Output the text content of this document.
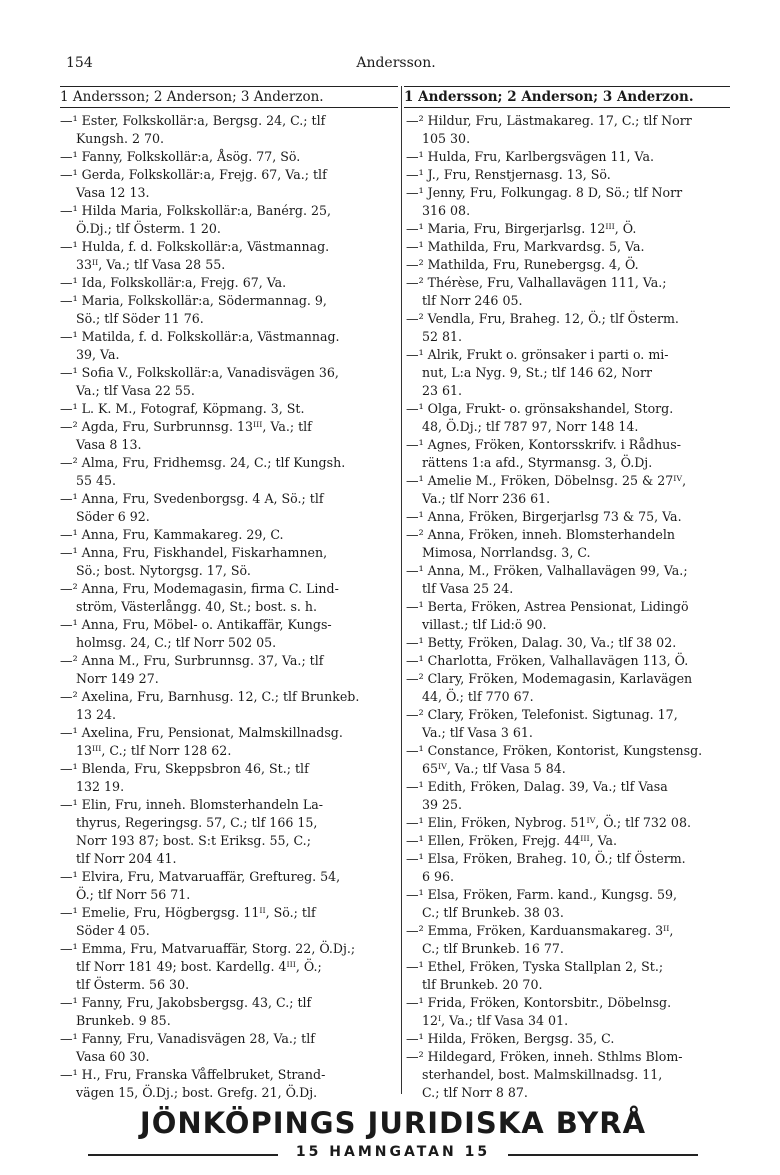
154	Andersson.
1 Andersson; 2 Anderson; 3 Anderzon.	1 Andersson; 2 Anderson; 3 Anderzon.
—¹ Ester, Folkskollär:a, Bergsg. 24, C.; tlf
Kungsh. 2 70.
—¹ Fanny, Folkskollär:a, Åsög. 77, Sö.
—¹ Gerda, Folkskollär:a, Frejg. 67, Va.; tlf
Vasa 12 13.
—¹ Hilda Maria, Folkskollär:a, Banérg. 25,
Ö.Dj.; tlf Österm. 1 20.
—¹ Hulda, f. d. Folkskollär:a, Västmannag.
33ᴵᴵ, Va.; tlf Vasa 28 55.
—¹ Ida, Folkskollär:a, Frejg. 67, Va.
—¹ Maria, Folkskollär:a, Södermannag. 9,
Sö.; tlf Söder 11 76.
—¹ Matilda, f. d. Folkskollär:a, Västmannag.
39, Va.
—¹ Sofia V., Folkskollär:a, Vanadisvägen 36,
Va.; tlf Vasa 22 55.
—¹ L. K. M., Fotograf, Köpmang. 3, St.
—² Agda, Fru, Surbrunnsg. 13ᴵᴵᴵ, Va.; tlf
Vasa 8 13.
—² Alma, Fru, Fridhemsg. 24, C.; tlf Kungsh.
55 45.
—¹ Anna, Fru, Svedenborgsg. 4 A, Sö.; tlf
Söder 6 92.
—¹ Anna, Fru, Kammakareg. 29, C.
—¹ Anna, Fru, Fiskhandel, Fiskarhamnen,
Sö.; bost. Nytorgsg. 17, Sö.
—² Anna, Fru, Modemagasin, firma C. Lind-
ström, Västerlångg. 40, St.; bost. s. h.
—¹ Anna, Fru, Möbel- o. Antikaffär, Kungs-
holmsg. 24, C.; tlf Norr 502 05.
—² Anna M., Fru, Surbrunnsg. 37, Va.; tlf
Norr 149 27.
—² Axelina, Fru, Barnhusg. 12, C.; tlf Brunkeb.
13 24.
—¹ Axelina, Fru, Pensionat, Malmskillnadsg.
13ᴵᴵᴵ, C.; tlf Norr 128 62.
—¹ Blenda, Fru, Skeppsbron 46, St.; tlf
132 19.
—¹ Elin, Fru, inneh. Blomsterhandeln La-
thyrus, Regeringsg. 57, C.; tlf 166 15,
Norr 193 87; bost. S:t Eriksg. 55, C.;
tlf Norr 204 41.
—¹ Elvira, Fru, Matvaruaffär, Greftureg. 54,
Ö.; tlf Norr 56 71.
—¹ Emelie, Fru, Högbergsg. 11ᴵᴵ, Sö.; tlf
Söder 4 05.
—¹ Emma, Fru, Matvaruaffär, Storg. 22, Ö.Dj.;
tlf Norr 181 49; bost. Kardellg. 4ᴵᴵᴵ, Ö.;
tlf Österm. 56 30.
—¹ Fanny, Fru, Jakobsbergsg. 43, C.; tlf
Brunkeb. 9 85.
—¹ Fanny, Fru, Vanadisvägen 28, Va.; tlf
Vasa 60 30.
—¹ H., Fru, Franska Våffelbruket, Strand-
vägen 15, Ö.Dj.; bost. Grefg. 21, Ö.Dj.
—² Hildur, Fru, Lästmakareg. 17, C.; tlf Norr
105 30.
—¹ Hulda, Fru, Karlbergsvägen 11, Va.
—¹ J., Fru, Renstjernasg. 13, Sö.
—¹ Jenny, Fru, Folkungag. 8 D, Sö.; tlf Norr
316 08.
—¹ Maria, Fru, Birgerjarlsg. 12ᴵᴵᴵ, Ö.
—¹ Mathilda, Fru, Markvardsg. 5, Va.
—² Mathilda, Fru, Runebergsg. 4, Ö.
—² Thérèse, Fru, Valhallavägen 111, Va.;
tlf Norr 246 05.
—² Vendla, Fru, Braheg. 12, Ö.; tlf Österm.
52 81.
—¹ Alrik, Frukt o. grönsaker i parti o. mi-
nut, L:a Nyg. 9, St.; tlf 146 62, Norr
23 61.
—¹ Olga, Frukt- o. grönsakshandel, Storg.
48, Ö.Dj.; tlf 787 97, Norr 148 14.
—¹ Agnes, Fröken, Kontorsskrifv. i Rådhus-
rättens 1:a afd., Styrmansg. 3, Ö.Dj.
—¹ Amelie M., Fröken, Döbelnsg. 25 & 27ᴵⱽ,
Va.; tlf Norr 236 61.
—¹ Anna, Fröken, Birgerjarlsg 73 & 75, Va.
—² Anna, Fröken, inneh. Blomsterhandeln
Mimosa, Norrlandsg. 3, C.
—¹ Anna, M., Fröken, Valhallavägen 99, Va.;
tlf Vasa 25 24.
—¹ Berta, Fröken, Astrea Pensionat, Lidingö
villast.; tlf Lid:ö 90.
—¹ Betty, Fröken, Dalag. 30, Va.; tlf 38 02.
—¹ Charlotta, Fröken, Valhallavägen 113, Ö.
—² Clary, Fröken, Modemagasin, Karlavägen
44, Ö.; tlf 770 67.
—² Clary, Fröken, Telefonist. Sigtunag. 17,
Va.; tlf Vasa 3 61.
—¹ Constance, Fröken, Kontorist, Kungstensg.
65ᴵⱽ, Va.; tlf Vasa 5 84.
—¹ Edith, Fröken, Dalag. 39, Va.; tlf Vasa
39 25.
—¹ Elin, Fröken, Nybrog. 51ᴵⱽ, Ö.; tlf 732 08.
—¹ Ellen, Fröken, Frejg. 44ᴵᴵᴵ, Va.
—¹ Elsa, Fröken, Braheg. 10, Ö.; tlf Österm.
6 96.
—¹ Elsa, Fröken, Farm. kand., Kungsg. 59,
C.; tlf Brunkeb. 38 03.
—² Emma, Fröken, Karduansmakareg. 3ᴵᴵ,
C.; tlf Brunkeb. 16 77.
—¹ Ethel, Fröken, Tyska Stallplan 2, St.;
tlf Brunkeb. 20 70.
—¹ Frida, Fröken, Kontorsbitr., Döbelnsg.
12ᴵ, Va.; tlf Vasa 34 01.
—¹ Hilda, Fröken, Bergsg. 35, C.
—² Hildegard, Fröken, inneh. Sthlms Blom-
sterhandel, bost. Malmskillnadsg. 11,
C.; tlf Norr 8 87.
JÖNKÖPINGS JURIDISKA BYRÅ
15 HAMNGATAN 15
